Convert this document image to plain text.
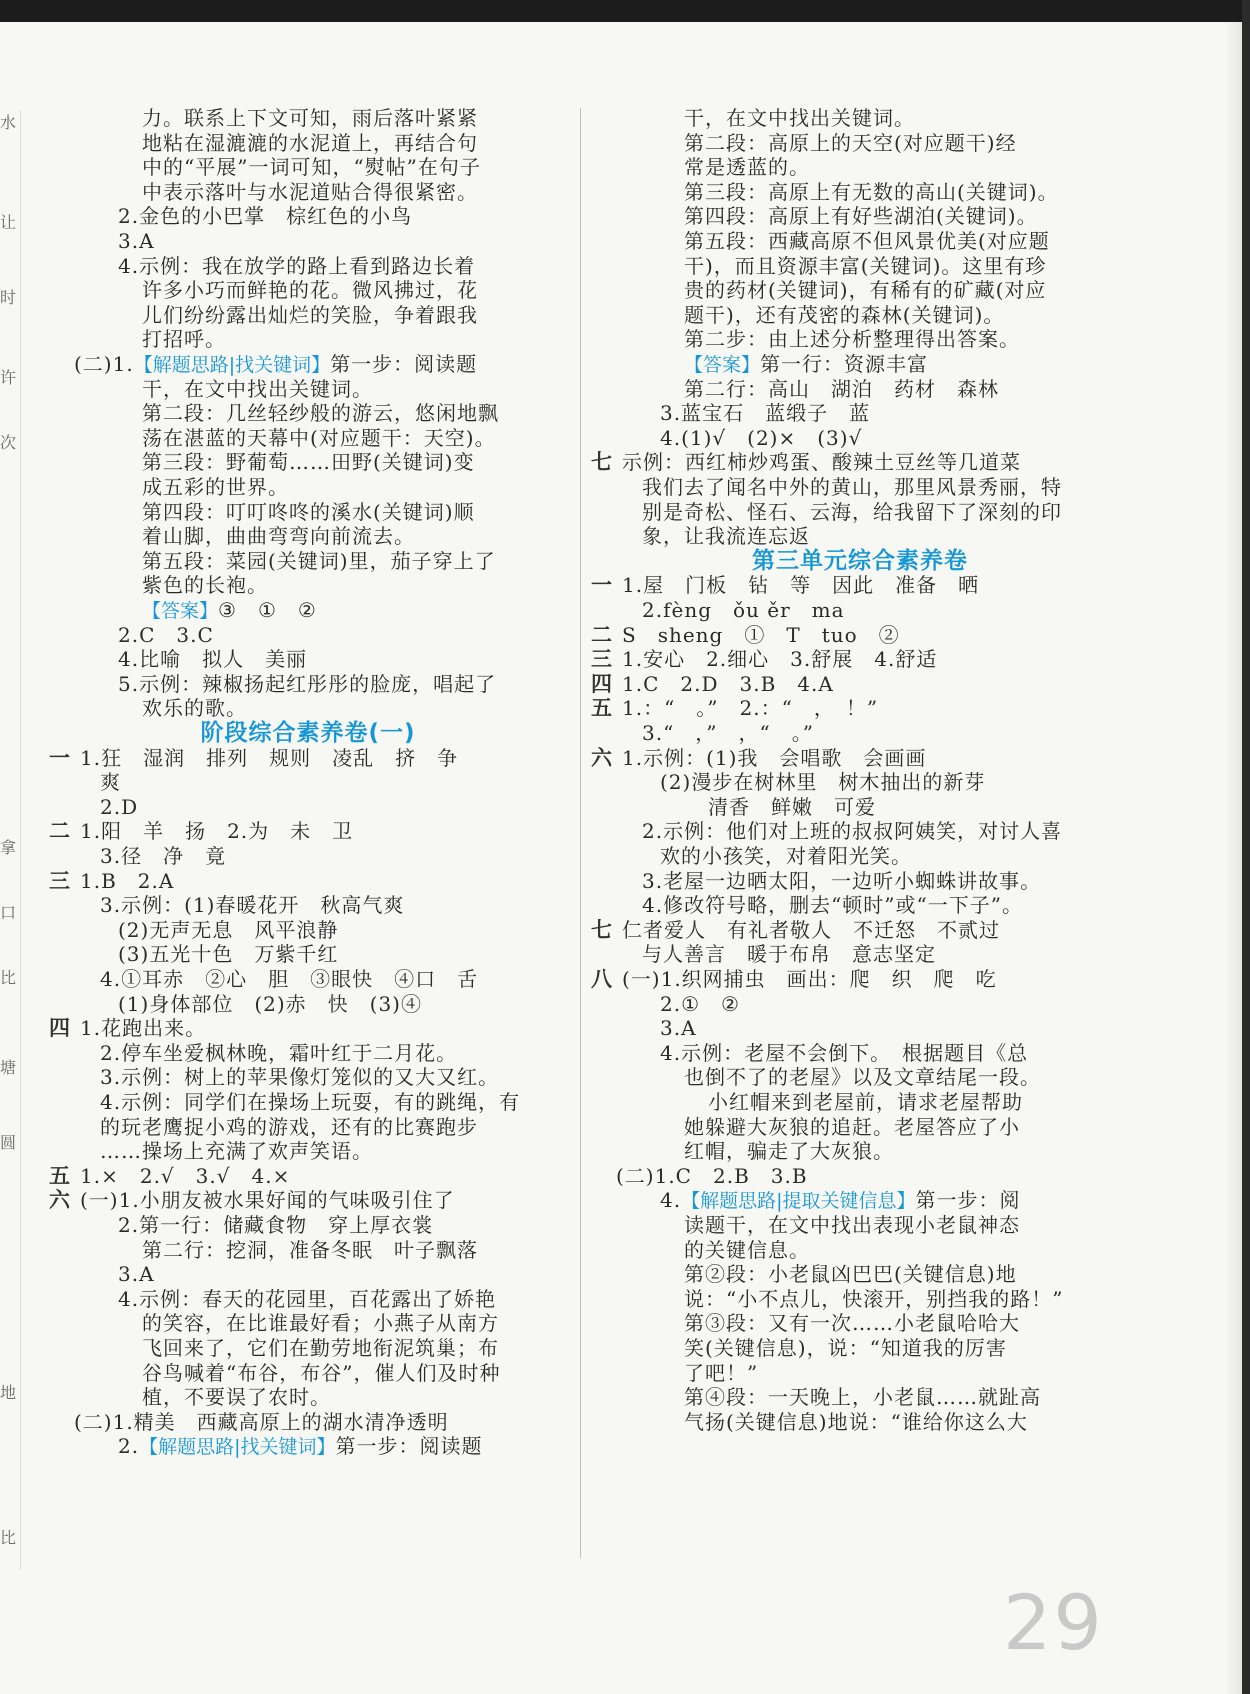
水
让
时
许
次
拿
口
比
塘
圆
地
比
力。联系上下文可知，雨后落叶紧紧
地粘在湿漉漉的水泥道上，再结合句
中的“平展”一词可知，“熨帖”在句子
中表示落叶与水泥道贴合得很紧密。
2.金色的小巴掌　棕红色的小鸟
3.A
4.示例：我在放学的路上看到路边长着
许多小巧而鲜艳的花。微风拂过，花
儿们纷纷露出灿烂的笑脸，争着跟我
打招呼。
(二)1.【解题思路|找关键词】第一步：阅读题
干，在文中找出关键词。
第二段：几丝轻纱般的游云，悠闲地飘
荡在湛蓝的天幕中(对应题干：天空)。
第三段：野葡萄……田野(关键词)变
成五彩的世界。
第四段：叮叮咚咚的溪水(关键词)顺
着山脚，曲曲弯弯向前流去。
第五段：菜园(关键词)里，茄子穿上了
紫色的长袍。
【答案】③　①　②
2.C　3.C
4.比喻　拟人　美丽
5.示例：辣椒扬起红彤彤的脸庞，唱起了
欢乐的歌。
阶段综合素养卷(一)
一 1.狂　湿润　排列　规则　凌乱　挤　争
爽
2.D
二 1.阳　羊　扬　2.为　未　卫
3.径　净　竟
三 1.B　2.A
3.示例：(1)春暖花开　秋高气爽
(2)无声无息　风平浪静
(3)五光十色　万紫千红
4.①耳赤　②心　胆　③眼快　④口　舌
(1)身体部位　(2)赤　快　(3)④
四 1.花跑出来。
2.停车坐爱枫林晚，霜叶红于二月花。
3.示例：树上的苹果像灯笼似的又大又红。
4.示例：同学们在操场上玩耍，有的跳绳，有
的玩老鹰捉小鸡的游戏，还有的比赛跑步
……操场上充满了欢声笑语。
五 1.×　2.√　3.√　4.×
六 (一)1.小朋友被水果好闻的气味吸引住了
2.第一行：储藏食物　穿上厚衣裳
第二行：挖洞，准备冬眠　叶子飘落
3.A
4.示例：春天的花园里，百花露出了娇艳
的笑容，在比谁最好看；小燕子从南方
飞回来了，它们在勤劳地衔泥筑巢；布
谷鸟喊着“布谷，布谷”，催人们及时种
植，不要误了农时。
(二)1.精美　西藏高原上的湖水清净透明
2.【解题思路|找关键词】第一步：阅读题
干，在文中找出关键词。
第二段：高原上的天空(对应题干)经
常是透蓝的。
第三段：高原上有无数的高山(关键词)。
第四段：高原上有好些湖泊(关键词)。
第五段：西藏高原不但风景优美(对应题
干)，而且资源丰富(关键词)。这里有珍
贵的药材(关键词)，有稀有的矿藏(对应
题干)，还有茂密的森林(关键词)。
第二步：由上述分析整理得出答案。
【答案】第一行：资源丰富
第二行：高山　湖泊　药材　森林
3.蓝宝石　蓝缎子　蓝
4.(1)√　(2)×　(3)√
七 示例：西红柿炒鸡蛋、酸辣土豆丝等几道菜
我们去了闻名中外的黄山，那里风景秀丽，特
别是奇松、怪石、云海，给我留下了深刻的印
象，让我流连忘返
第三单元综合素养卷
一 1.屋　门板　钻　等　因此　准备　晒
2.fèng　ǒu ěr　ma
二 S　sheng　①　T　tuo　②
三 1.安心　2.细心　3.舒展　4.舒适
四 1.C　2.D　3.B　4.A
五 1.：“　。”　2.：“　，　！”
3.“　，”　，“　。”
六 1.示例：(1)我　会唱歌　会画画
(2)漫步在树林里　树木抽出的新芽
清香　鲜嫩　可爱
2.示例：他们对上班的叔叔阿姨笑，对讨人喜
欢的小孩笑，对着阳光笑。
3.老屋一边晒太阳，一边听小蜘蛛讲故事。
4.修改符号略，删去“顿时”或“一下子”。
七 仁者爱人　有礼者敬人　不迁怒　不贰过
与人善言　暖于布帛　意志坚定
八 (一)1.织网捕虫　画出：爬　织　爬　吃
2.①　②
3.A
4.示例：老屋不会倒下。　根据题目《总
也倒不了的老屋》以及文章结尾一段。
小红帽来到老屋前，请求老屋帮助
她躲避大灰狼的追赶。老屋答应了小
红帽，骗走了大灰狼。
(二)1.C　2.B　3.B
4.【解题思路|提取关键信息】第一步：阅
读题干，在文中找出表现小老鼠神态
的关键信息。
第②段：小老鼠凶巴巴(关键信息)地
说：“小不点儿，快滚开，别挡我的路！”
第③段：又有一次……小老鼠哈哈大
笑(关键信息)，说：“知道我的厉害
了吧！”
第④段：一天晚上，小老鼠……就趾高
气扬(关键信息)地说：“谁给你这么大
29
